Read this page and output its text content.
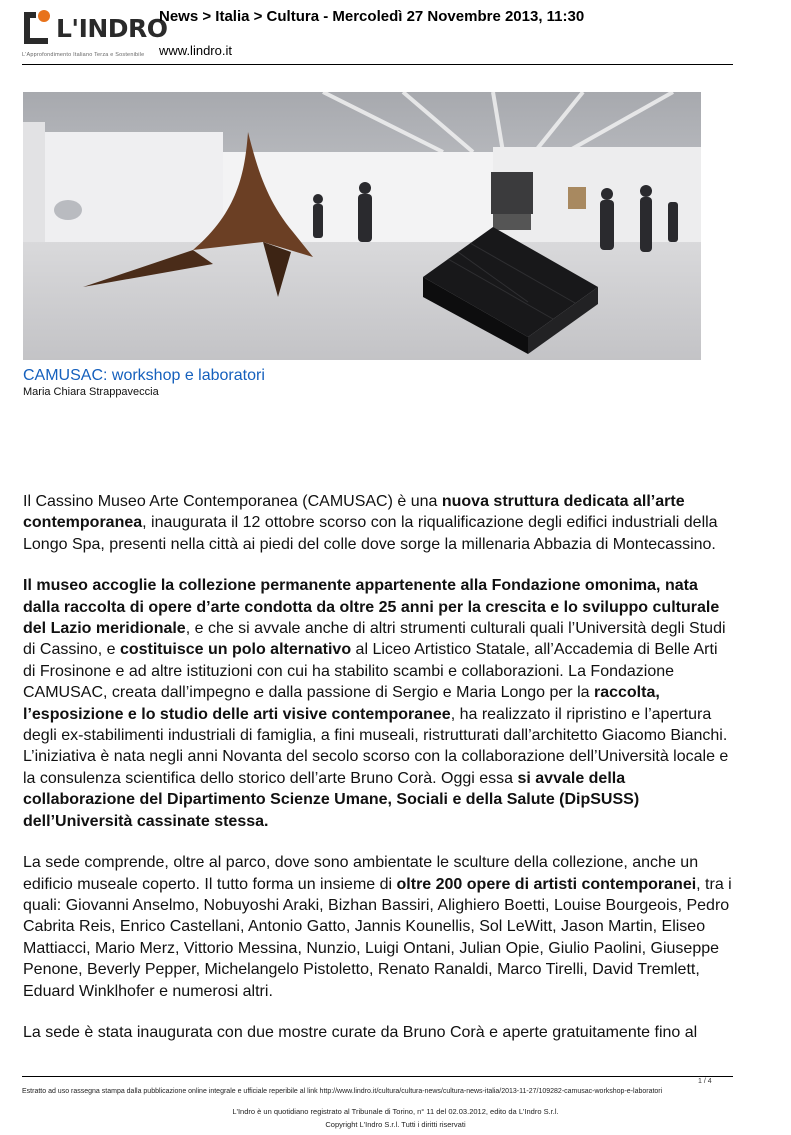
L'INDRO
L'Approfondimento Italiano Terza e Sostenibile
News > Italia > Cultura - Mercoledì 27 Novembre 2013, 11:30
www.lindro.it
CAMUSAC: workshop e laboratori
Maria Chiara Strappaveccia

Il Cassino Museo Arte Contemporanea (CAMUSAC) è una nuova struttura dedicata all’arte contemporanea, inaugurata il 12 ottobre scorso con la riqualificazione degli edifici industriali della Longo Spa, presenti nella città ai piedi del colle dove sorge la millenaria Abbazia di Montecassino.

Il museo accoglie la collezione permanente appartenente alla Fondazione omonima, nata dalla raccolta di opere d’arte condotta da oltre 25 anni per la crescita e lo sviluppo culturale del Lazio meridionale, e che si avvale anche di altri strumenti culturali quali l’Università degli Studi di Cassino, e costituisce un polo alternativo al Liceo Artistico Statale, all’Accademia di Belle Arti di Frosinone e ad altre istituzioni con cui ha stabilito scambi e collaborazioni. La Fondazione CAMUSAC, creata dall’impegno e dalla passione di Sergio e Maria Longo per la raccolta, l’esposizione e lo studio delle arti visive contemporanee, ha realizzato il ripristino e l’apertura degli ex-stabilimenti industriali di famiglia, a fini museali, ristrutturati dall’architetto Giacomo Bianchi. L’iniziativa è nata negli anni Novanta del secolo scorso con la collaborazione dell’Università locale e la consulenza scientifica dello storico dell’arte Bruno Corà. Oggi essa si avvale della collaborazione del Dipartimento Scienze Umane, Sociali e della Salute (DipSUSS) dell’Università cassinate stessa.

La sede comprende, oltre al parco, dove sono ambientate le sculture della collezione, anche un edificio museale coperto. Il tutto forma un insieme di oltre 200 opere di artisti contemporanei, tra i quali: Giovanni Anselmo, Nobuyoshi Araki, Bizhan Bassiri, Alighiero Boetti, Louise Bourgeois, Pedro Cabrita Reis, Enrico Castellani, Antonio Gatto, Jannis Kounellis, Sol LeWitt, Jason Martin, Eliseo Mattiacci, Mario Merz, Vittorio Messina, Nunzio, Luigi Ontani, Julian Opie, Giulio Paolini, Giuseppe Penone, Beverly Pepper, Michelangelo Pistoletto, Renato Ranaldi, Marco Tirelli, David Tremlett, Eduard Winklhofer e numerosi altri.

La sede è stata inaugurata con due mostre curate da Bruno Corà e aperte gratuitamente fino al

1 / 4
Estratto ad uso rassegna stampa dalla pubblicazione online integrale e ufficiale reperibile al link http://www.lindro.it/cultura/cultura-news/cultura-news-italia/2013-11-27/109282-camusac-workshop-e-laboratori
L'Indro è un quotidiano registrato al Tribunale di Torino, n° 11 del 02.03.2012, edito da L'Indro S.r.l.
Copyright L'Indro S.r.l. Tutti i diritti riservati
